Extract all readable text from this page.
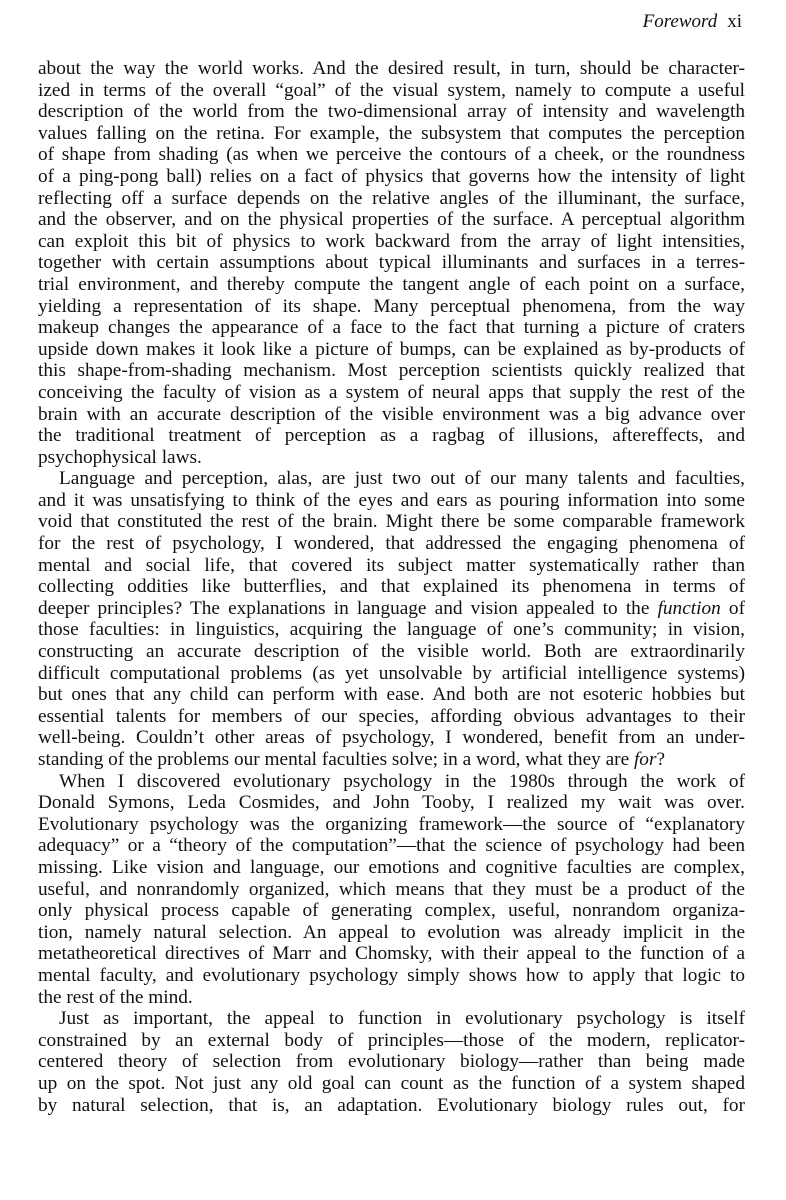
Foreword xi
about the way the world works. And the desired result, in turn, should be character-
ized in terms of the overall “goal” of the visual system, namely to compute a useful
description of the world from the two-dimensional array of intensity and wavelength
values falling on the retina. For example, the subsystem that computes the perception
of shape from shading (as when we perceive the contours of a cheek, or the roundness
of a ping-pong ball) relies on a fact of physics that governs how the intensity of light
reflecting off a surface depends on the relative angles of the illuminant, the surface,
and the observer, and on the physical properties of the surface. A perceptual algorithm
can exploit this bit of physics to work backward from the array of light intensities,
together with certain assumptions about typical illuminants and surfaces in a terres-
trial environment, and thereby compute the tangent angle of each point on a surface,
yielding a representation of its shape. Many perceptual phenomena, from the way
makeup changes the appearance of a face to the fact that turning a picture of craters
upside down makes it look like a picture of bumps, can be explained as by-products of
this shape-from-shading mechanism. Most perception scientists quickly realized that
conceiving the faculty of vision as a system of neural apps that supply the rest of the
brain with an accurate description of the visible environment was a big advance over
the traditional treatment of perception as a ragbag of illusions, aftereffects, and
psychophysical laws.
Language and perception, alas, are just two out of our many talents and faculties,
and it was unsatisfying to think of the eyes and ears as pouring information into some
void that constituted the rest of the brain. Might there be some comparable framework
for the rest of psychology, I wondered, that addressed the engaging phenomena of
mental and social life, that covered its subject matter systematically rather than
collecting oddities like butterflies, and that explained its phenomena in terms of
deeper principles? The explanations in language and vision appealed to the function of
those faculties: in linguistics, acquiring the language of one’s community; in vision,
constructing an accurate description of the visible world. Both are extraordinarily
difficult computational problems (as yet unsolvable by artificial intelligence systems)
but ones that any child can perform with ease. And both are not esoteric hobbies but
essential talents for members of our species, affording obvious advantages to their
well-being. Couldn’t other areas of psychology, I wondered, benefit from an under-
standing of the problems our mental faculties solve; in a word, what they are for?
When I discovered evolutionary psychology in the 1980s through the work of
Donald Symons, Leda Cosmides, and John Tooby, I realized my wait was over.
Evolutionary psychology was the organizing framework—the source of “explanatory
adequacy” or a “theory of the computation”—that the science of psychology had been
missing. Like vision and language, our emotions and cognitive faculties are complex,
useful, and nonrandomly organized, which means that they must be a product of the
only physical process capable of generating complex, useful, nonrandom organiza-
tion, namely natural selection. An appeal to evolution was already implicit in the
metatheoretical directives of Marr and Chomsky, with their appeal to the function of a
mental faculty, and evolutionary psychology simply shows how to apply that logic to
the rest of the mind.
Just as important, the appeal to function in evolutionary psychology is itself
constrained by an external body of principles—those of the modern, replicator-
centered theory of selection from evolutionary biology—rather than being made
up on the spot. Not just any old goal can count as the function of a system shaped
by natural selection, that is, an adaptation. Evolutionary biology rules out, for
